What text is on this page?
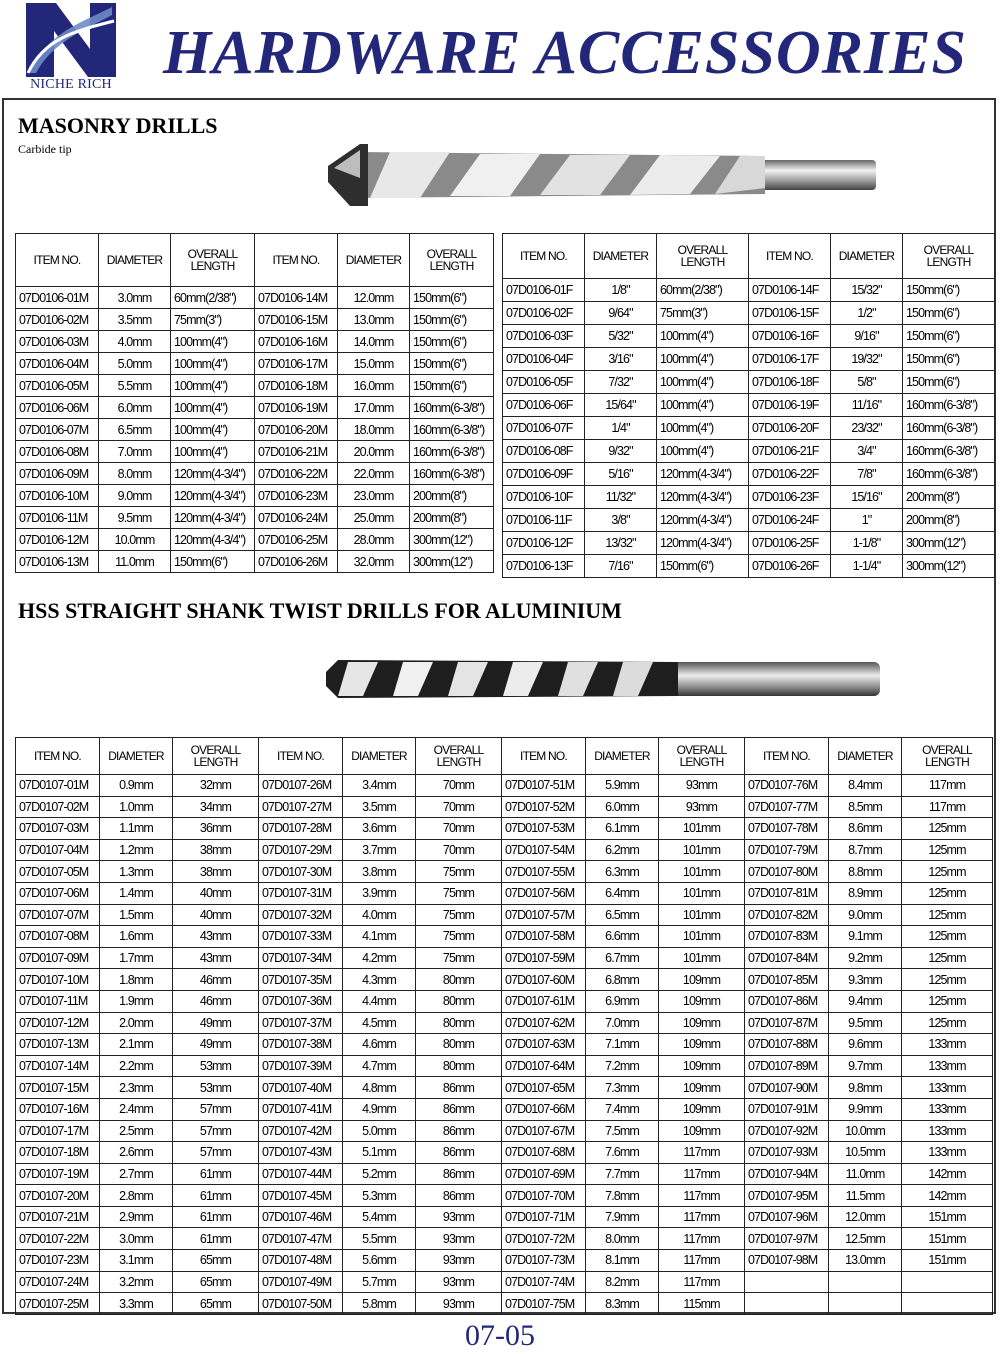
NICHE RICH HARDWARE ACCESSORIES
MASONRY DRILLS
Carbide tip
ITEM NO.	DIAMETER	OVERALL LENGTH	ITEM NO.	DIAMETER	OVERALL LENGTH
07D0106-01M	3.0mm	60mm(2/38")	07D0106-14M	12.0mm	150mm(6")
07D0106-02M	3.5mm	75mm(3")	07D0106-15M	13.0mm	150mm(6")
07D0106-03M	4.0mm	100mm(4")	07D0106-16M	14.0mm	150mm(6")
07D0106-04M	5.0mm	100mm(4")	07D0106-17M	15.0mm	150mm(6")
07D0106-05M	5.5mm	100mm(4")	07D0106-18M	16.0mm	150mm(6")
07D0106-06M	6.0mm	100mm(4")	07D0106-19M	17.0mm	160mm(6-3/8")
07D0106-07M	6.5mm	100mm(4")	07D0106-20M	18.0mm	160mm(6-3/8")
07D0106-08M	7.0mm	100mm(4")	07D0106-21M	20.0mm	160mm(6-3/8")
07D0106-09M	8.0mm	120mm(4-3/4")	07D0106-22M	22.0mm	160mm(6-3/8")
07D0106-10M	9.0mm	120mm(4-3/4")	07D0106-23M	23.0mm	200mm(8")
07D0106-11M	9.5mm	120mm(4-3/4")	07D0106-24M	25.0mm	200mm(8")
07D0106-12M	10.0mm	120mm(4-3/4")	07D0106-25M	28.0mm	300mm(12")
07D0106-13M	11.0mm	150mm(6")	07D0106-26M	32.0mm	300mm(12")
ITEM NO.	DIAMETER	OVERALL LENGTH	ITEM NO.	DIAMETER	OVERALL LENGTH
07D0106-01F	1/8"	60mm(2/38")	07D0106-14F	15/32"	150mm(6")
07D0106-02F	9/64"	75mm(3")	07D0106-15F	1/2"	150mm(6")
07D0106-03F	5/32"	100mm(4")	07D0106-16F	9/16"	150mm(6")
07D0106-04F	3/16"	100mm(4")	07D0106-17F	19/32"	150mm(6")
07D0106-05F	7/32"	100mm(4")	07D0106-18F	5/8"	150mm(6")
07D0106-06F	15/64"	100mm(4")	07D0106-19F	11/16"	160mm(6-3/8")
07D0106-07F	1/4"	100mm(4")	07D0106-20F	23/32"	160mm(6-3/8")
07D0106-08F	9/32"	100mm(4")	07D0106-21F	3/4"	160mm(6-3/8")
07D0106-09F	5/16"	120mm(4-3/4")	07D0106-22F	7/8"	160mm(6-3/8")
07D0106-10F	11/32"	120mm(4-3/4")	07D0106-23F	15/16"	200mm(8")
07D0106-11F	3/8"	120mm(4-3/4")	07D0106-24F	1"	200mm(8")
07D0106-12F	13/32"	120mm(4-3/4")	07D0106-25F	1-1/8"	300mm(12")
07D0106-13F	7/16"	150mm(6")	07D0106-26F	1-1/4"	300mm(12")
HSS STRAIGHT SHANK TWIST DRILLS FOR ALUMINIUM
ITEM NO.	DIAMETER	OVERALL LENGTH	ITEM NO.	DIAMETER	OVERALL LENGTH	ITEM NO.	DIAMETER	OVERALL LENGTH	ITEM NO.	DIAMETER	OVERALL LENGTH
07D0107-01M	0.9mm	32mm	07D0107-26M	3.4mm	70mm	07D0107-51M	5.9mm	93mm	07D0107-76M	8.4mm	117mm
07D0107-02M	1.0mm	34mm	07D0107-27M	3.5mm	70mm	07D0107-52M	6.0mm	93mm	07D0107-77M	8.5mm	117mm
07D0107-03M	1.1mm	36mm	07D0107-28M	3.6mm	70mm	07D0107-53M	6.1mm	101mm	07D0107-78M	8.6mm	125mm
07D0107-04M	1.2mm	38mm	07D0107-29M	3.7mm	70mm	07D0107-54M	6.2mm	101mm	07D0107-79M	8.7mm	125mm
07D0107-05M	1.3mm	38mm	07D0107-30M	3.8mm	75mm	07D0107-55M	6.3mm	101mm	07D0107-80M	8.8mm	125mm
07D0107-06M	1.4mm	40mm	07D0107-31M	3.9mm	75mm	07D0107-56M	6.4mm	101mm	07D0107-81M	8.9mm	125mm
07D0107-07M	1.5mm	40mm	07D0107-32M	4.0mm	75mm	07D0107-57M	6.5mm	101mm	07D0107-82M	9.0mm	125mm
07D0107-08M	1.6mm	43mm	07D0107-33M	4.1mm	75mm	07D0107-58M	6.6mm	101mm	07D0107-83M	9.1mm	125mm
07D0107-09M	1.7mm	43mm	07D0107-34M	4.2mm	75mm	07D0107-59M	6.7mm	101mm	07D0107-84M	9.2mm	125mm
07D0107-10M	1.8mm	46mm	07D0107-35M	4.3mm	80mm	07D0107-60M	6.8mm	109mm	07D0107-85M	9.3mm	125mm
07D0107-11M	1.9mm	46mm	07D0107-36M	4.4mm	80mm	07D0107-61M	6.9mm	109mm	07D0107-86M	9.4mm	125mm
07D0107-12M	2.0mm	49mm	07D0107-37M	4.5mm	80mm	07D0107-62M	7.0mm	109mm	07D0107-87M	9.5mm	125mm
07D0107-13M	2.1mm	49mm	07D0107-38M	4.6mm	80mm	07D0107-63M	7.1mm	109mm	07D0107-88M	9.6mm	133mm
07D0107-14M	2.2mm	53mm	07D0107-39M	4.7mm	80mm	07D0107-64M	7.2mm	109mm	07D0107-89M	9.7mm	133mm
07D0107-15M	2.3mm	53mm	07D0107-40M	4.8mm	86mm	07D0107-65M	7.3mm	109mm	07D0107-90M	9.8mm	133mm
07D0107-16M	2.4mm	57mm	07D0107-41M	4.9mm	86mm	07D0107-66M	7.4mm	109mm	07D0107-91M	9.9mm	133mm
07D0107-17M	2.5mm	57mm	07D0107-42M	5.0mm	86mm	07D0107-67M	7.5mm	109mm	07D0107-92M	10.0mm	133mm
07D0107-18M	2.6mm	57mm	07D0107-43M	5.1mm	86mm	07D0107-68M	7.6mm	117mm	07D0107-93M	10.5mm	133mm
07D0107-19M	2.7mm	61mm	07D0107-44M	5.2mm	86mm	07D0107-69M	7.7mm	117mm	07D0107-94M	11.0mm	142mm
07D0107-20M	2.8mm	61mm	07D0107-45M	5.3mm	86mm	07D0107-70M	7.8mm	117mm	07D0107-95M	11.5mm	142mm
07D0107-21M	2.9mm	61mm	07D0107-46M	5.4mm	93mm	07D0107-71M	7.9mm	117mm	07D0107-96M	12.0mm	151mm
07D0107-22M	3.0mm	61mm	07D0107-47M	5.5mm	93mm	07D0107-72M	8.0mm	117mm	07D0107-97M	12.5mm	151mm
07D0107-23M	3.1mm	65mm	07D0107-48M	5.6mm	93mm	07D0107-73M	8.1mm	117mm	07D0107-98M	13.0mm	151mm
07D0107-24M	3.2mm	65mm	07D0107-49M	5.7mm	93mm	07D0107-74M	8.2mm	117mm			
07D0107-25M	3.3mm	65mm	07D0107-50M	5.8mm	93mm	07D0107-75M	8.3mm	115mm			
07-05
